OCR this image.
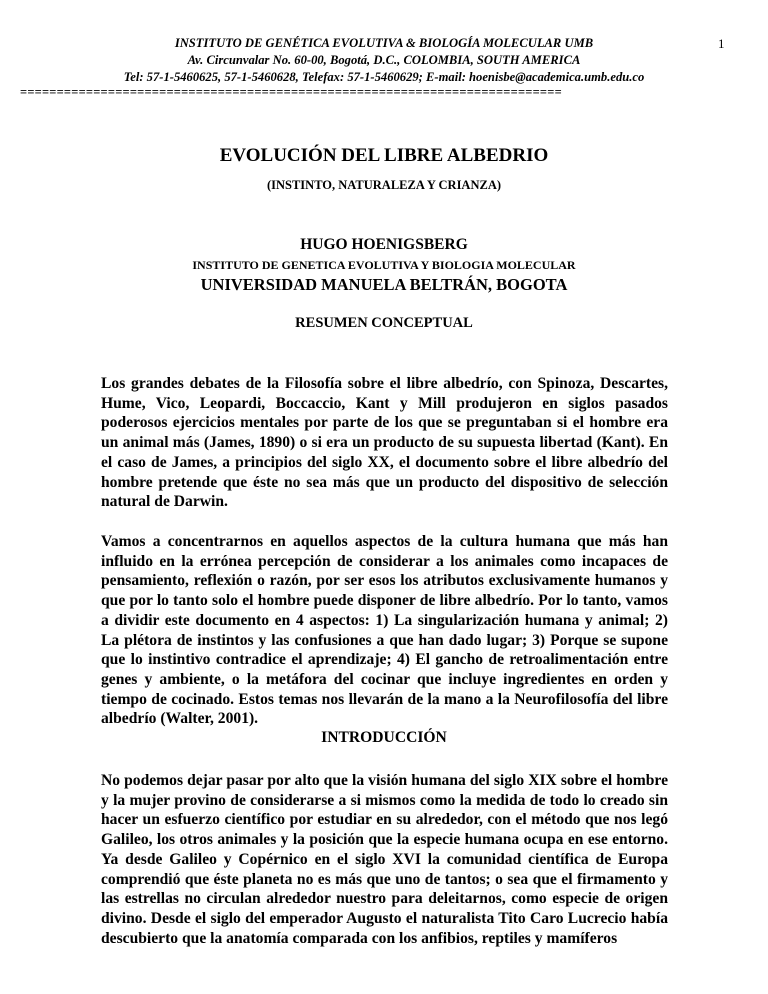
INSTITUTO DE GENÉTICA EVOLUTIVA & BIOLOGÍA MOLECULAR UMB
Av. Circunvalar No. 60-00, Bogotá, D.C., COLOMBIA, SOUTH AMERICA
Tel: 57-1-5460625, 57-1-5460628, Telefax: 57-1-5460629; E-mail: hoenisbe@academica.umb.edu.co
1
==========================================================================
EVOLUCIÓN DEL LIBRE ALBEDRIO
(INSTINTO, NATURALEZA Y CRIANZA)
HUGO HOENIGSBERG
INSTITUTO DE GENETICA EVOLUTIVA Y BIOLOGIA MOLECULAR
UNIVERSIDAD MANUELA BELTRÁN, BOGOTA
RESUMEN CONCEPTUAL

Los grandes debates de la Filosofía sobre el libre albedrío, con Spinoza, Descartes, Hume, Vico, Leopardi, Boccaccio, Kant y Mill produjeron en siglos pasados poderosos ejercicios mentales por parte de los que se preguntaban si el hombre era un animal más (James, 1890) o si era un producto de su supuesta libertad (Kant). En el caso de James, a principios del siglo XX, el documento sobre el libre albedrío del hombre pretende que éste no sea más que un producto del dispositivo de selección natural de Darwin.

Vamos a concentrarnos en aquellos aspectos de la cultura humana que más han influido en la errónea percepción de considerar a los animales como incapaces de pensamiento, reflexión o razón, por ser esos los atributos exclusivamente humanos y que por lo tanto solo el hombre puede disponer de libre albedrío. Por lo tanto, vamos a dividir este documento en 4 aspectos: 1) La singularización humana y animal; 2) La plétora de instintos y las confusiones a que han dado lugar; 3) Porque se supone que lo instintivo contradice el aprendizaje; 4) El gancho de retroalimentación entre genes y ambiente, o la metáfora del cocinar que incluye ingredientes en orden y tiempo de cocinado. Estos temas nos llevarán de la mano a la Neurofilosofía del libre albedrío (Walter, 2001).

INTRODUCCIÓN

No podemos dejar pasar por alto que la visión humana del siglo XIX sobre el hombre y la mujer provino de considerarse a si mismos como la medida de todo lo creado sin hacer un esfuerzo científico por estudiar en su alrededor, con el método que nos legó Galileo, los otros animales y la posición que la especie humana ocupa en ese entorno. Ya desde Galileo y Copérnico en el siglo XVI la comunidad científica de Europa comprendió que éste planeta no es más que uno de tantos; o sea que el firmamento y las estrellas no circulan alrededor nuestro para deleitarnos, como especie de origen divino. Desde el siglo del emperador Augusto el naturalista Tito Caro Lucrecio había descubierto que la anatomía comparada con los anfibios, reptiles y mamíferos
